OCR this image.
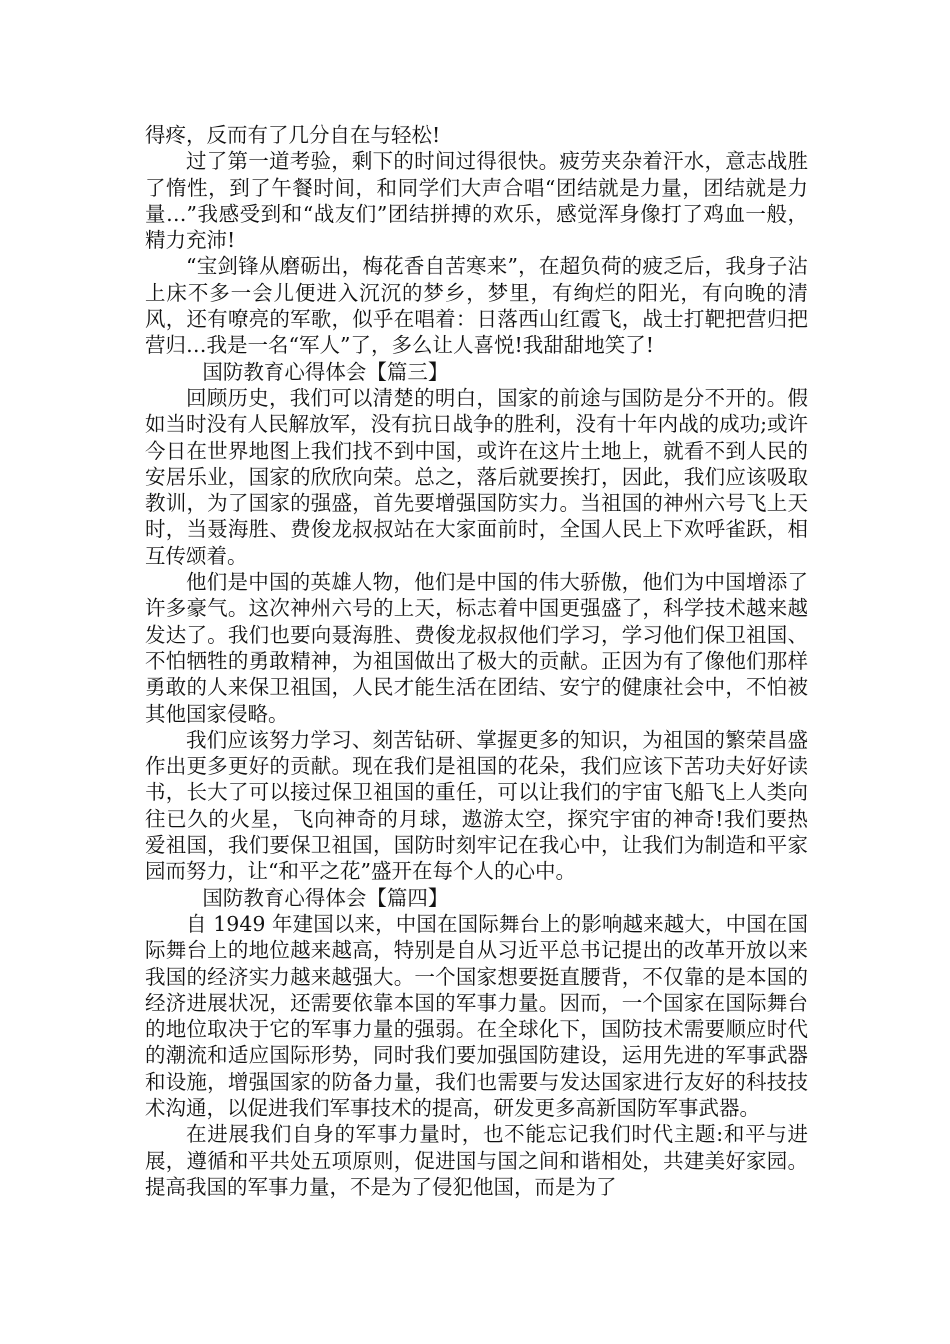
得疼，反而有了几分自在与轻松!

过了第一道考验，剩下的时间过得很快。疲劳夹杂着汗水，意志战胜了惰性，到了午餐时间，和同学们大声合唱“团结就是力量，团结就是力量…”我感受到和“战友们”团结拼搏的欢乐，感觉浑身像打了鸡血一般，精力充沛!

“宝剑锋从磨砺出，梅花香自苦寒来”，在超负荷的疲乏后，我身子沾上床不多一会儿便进入沉沉的梦乡，梦里，有绚烂的阳光，有向晚的清风，还有嘹亮的军歌，似乎在唱着：日落西山红霞飞，战士打靶把营归把营归…我是一名“军人”了，多么让人喜悦!我甜甜地笑了!

国防教育心得体会【篇三】

回顾历史，我们可以清楚的明白，国家的前途与国防是分不开的。假如当时没有人民解放军，没有抗日战争的胜利，没有十年内战的成功;或许今日在世界地图上我们找不到中国，或许在这片土地上，就看不到人民的安居乐业，国家的欣欣向荣。总之，落后就要挨打，因此，我们应该吸取教训，为了国家的强盛，首先要增强国防实力。当祖国的神州六号飞上天时，当聂海胜、费俊龙叔叔站在大家面前时，全国人民上下欢呼雀跃，相互传颂着。

他们是中国的英雄人物，他们是中国的伟大骄傲，他们为中国增添了许多豪气。这次神州六号的上天，标志着中国更强盛了，科学技术越来越发达了。我们也要向聂海胜、费俊龙叔叔他们学习，学习他们保卫祖国、不怕牺牲的勇敢精神，为祖国做出了极大的贡献。正因为有了像他们那样勇敢的人来保卫祖国，人民才能生活在团结、安宁的健康社会中，不怕被其他国家侵略。

我们应该努力学习、刻苦钻研、掌握更多的知识，为祖国的繁荣昌盛作出更多更好的贡献。现在我们是祖国的花朵，我们应该下苦功夫好好读书，长大了可以接过保卫祖国的重任，可以让我们的宇宙飞船飞上人类向往已久的火星，飞向神奇的月球，遨游太空，探究宇宙的神奇!我们要热爱祖国，我们要保卫祖国，国防时刻牢记在我心中，让我们为制造和平家园而努力，让“和平之花”盛开在每个人的心中。

国防教育心得体会【篇四】

自 1949 年建国以来，中国在国际舞台上的影响越来越大，中国在国际舞台上的地位越来越高，特别是自从习近平总书记提出的改革开放以来我国的经济实力越来越强大。一个国家想要挺直腰背，不仅靠的是本国的经济进展状况，还需要依靠本国的军事力量。因而，一个国家在国际舞台的地位取决于它的军事力量的强弱。在全球化下，国防技术需要顺应时代的潮流和适应国际形势，同时我们要加强国防建设，运用先进的军事武器和设施，增强国家的防备力量，我们也需要与发达国家进行友好的科技技术沟通，以促进我们军事技术的提高，研发更多高新国防军事武器。

在进展我们自身的军事力量时，也不能忘记我们时代主题:和平与进展，遵循和平共处五项原则，促进国与国之间和谐相处，共建美好家园。提高我国的军事力量，不是为了侵犯他国，而是为了
